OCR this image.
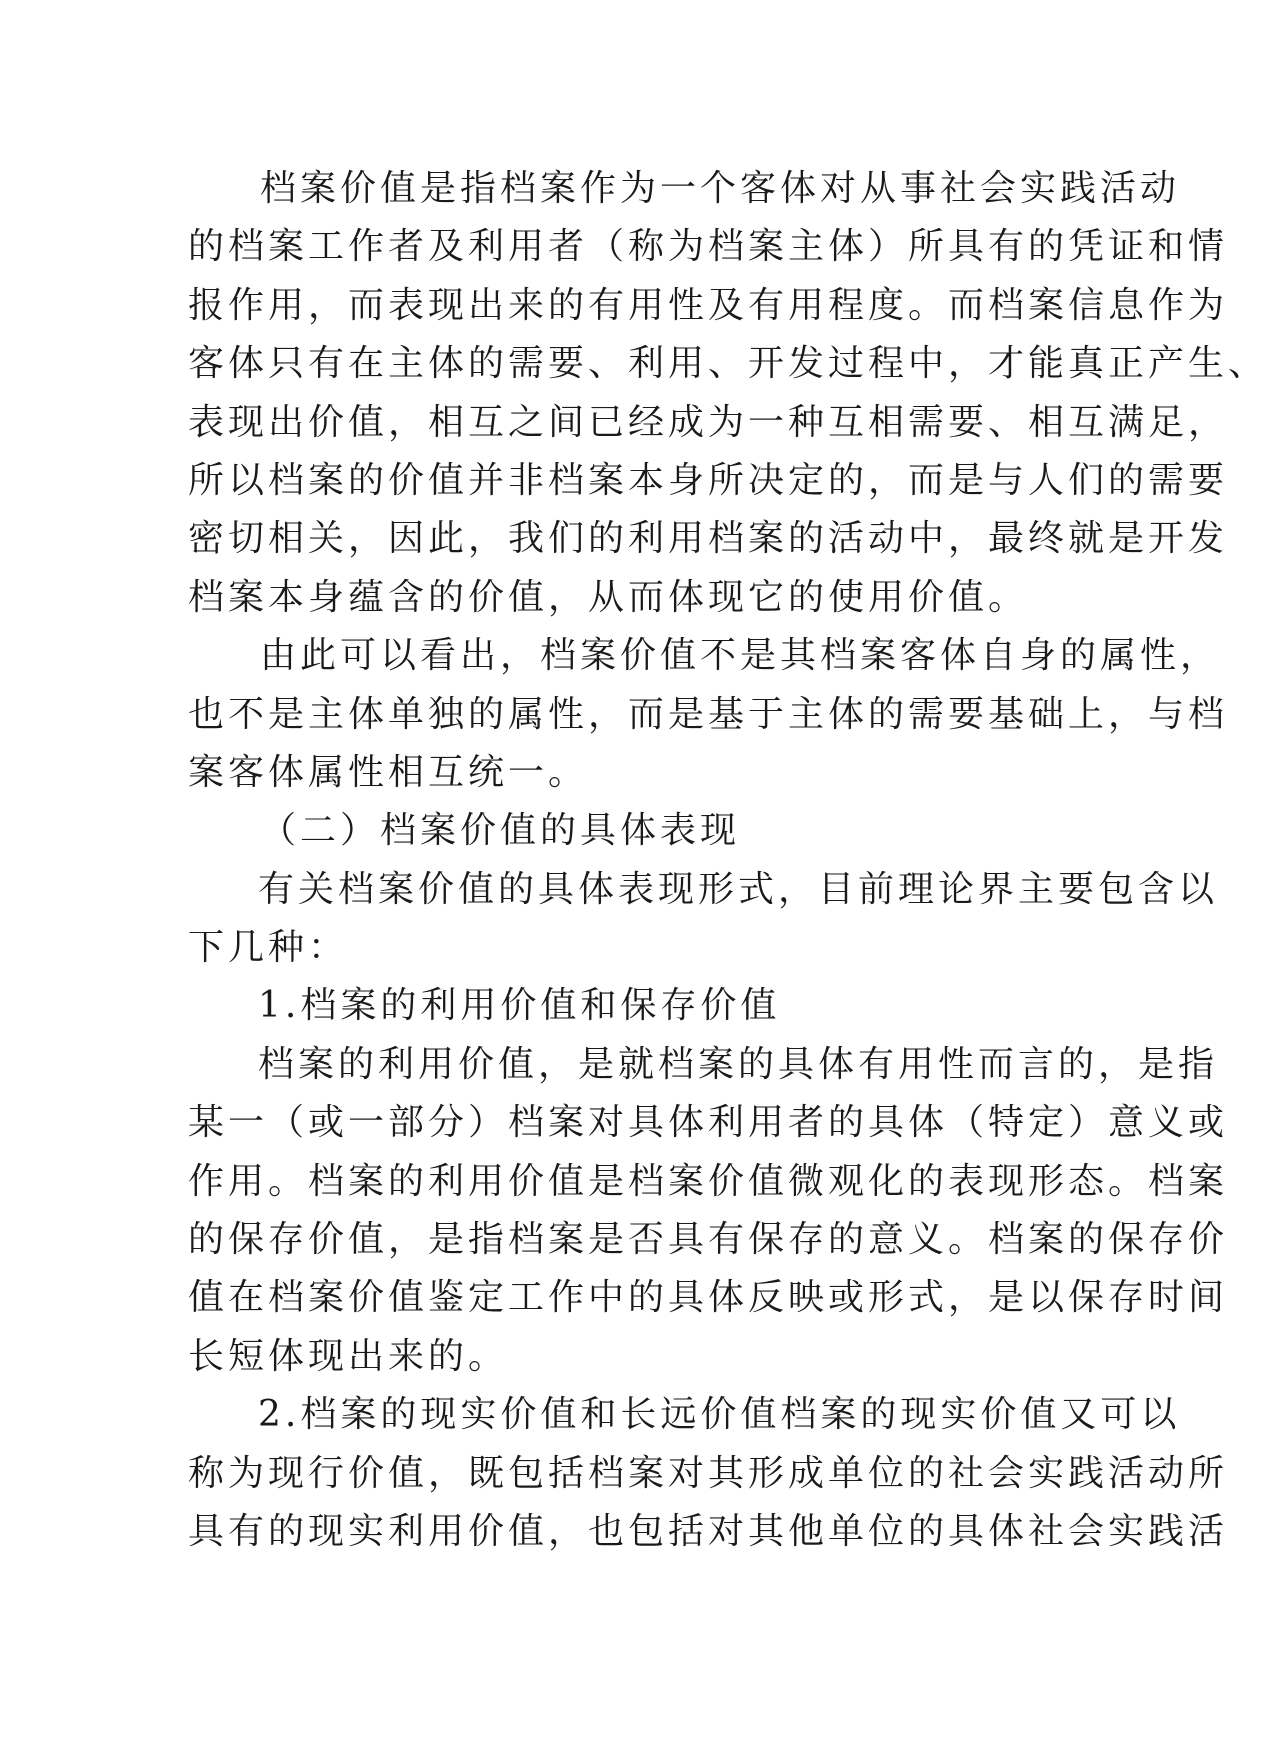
档案价值是指档案作为一个客体对从事社会实践活动
的档案工作者及利用者（称为档案主体）所具有的凭证和情
报作用，而表现出来的有用性及有用程度。而档案信息作为
客体只有在主体的需要、利用、开发过程中，才能真正产生、
表现出价值，相互之间已经成为一种互相需要、相互满足，
所以档案的价值并非档案本身所决定的，而是与人们的需要
密切相关，因此，我们的利用档案的活动中，最终就是开发
档案本身蕴含的价值，从而体现它的使用价值。
由此可以看出，档案价值不是其档案客体自身的属性，
也不是主体单独的属性，而是基于主体的需要基础上，与档
案客体属性相互统一。
（二）档案价值的具体表现
有关档案价值的具体表现形式，目前理论界主要包含以
下几种：
1.档案的利用价值和保存价值
档案的利用价值，是就档案的具体有用性而言的，是指
某一（或一部分）档案对具体利用者的具体（特定）意义或
作用。档案的利用价值是档案价值微观化的表现形态。档案
的保存价值，是指档案是否具有保存的意义。档案的保存价
值在档案价值鉴定工作中的具体反映或形式，是以保存时间
长短体现出来的。
2.档案的现实价值和长远价值档案的现实价值又可以
称为现行价值，既包括档案对其形成单位的社会实践活动所
具有的现实利用价值，也包括对其他单位的具体社会实践活
